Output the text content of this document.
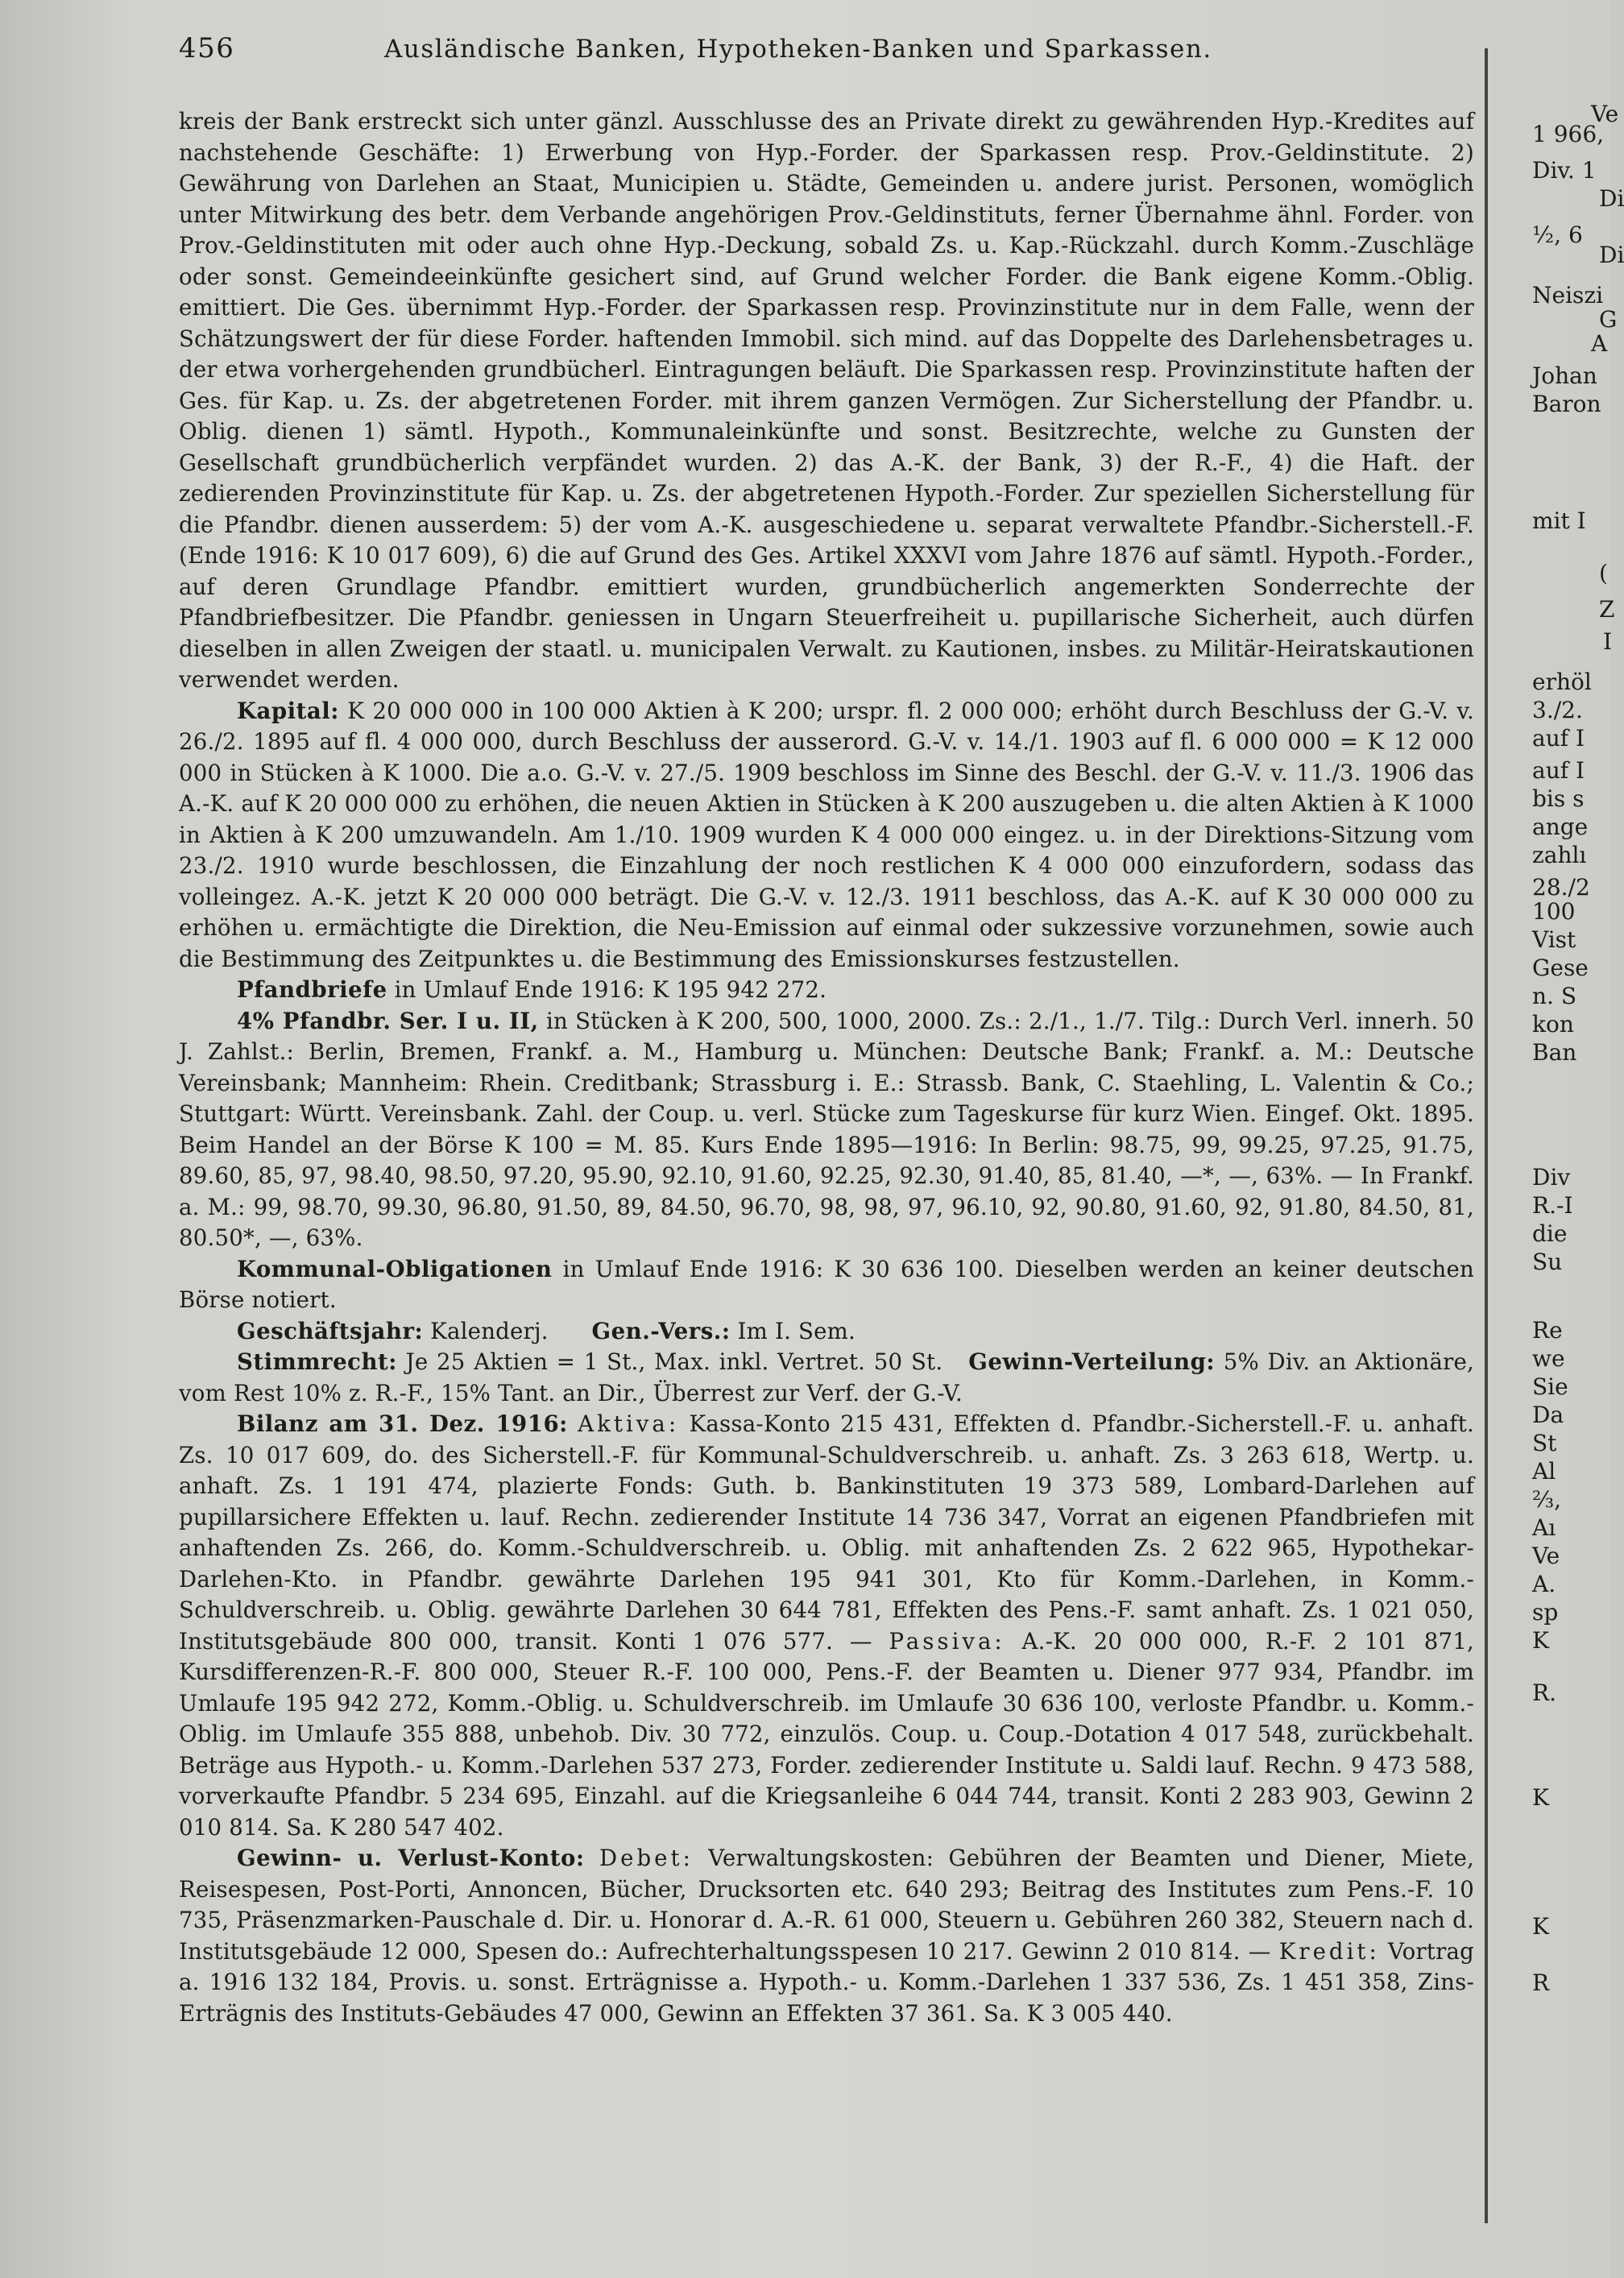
456	Ausländische Banken, Hypotheken-Banken und Sparkassen.

kreis der Bank erstreckt sich unter gänzl. Ausschlusse des an Private direkt zu gewährenden Hyp.-Kredites auf nachstehende Geschäfte: 1) Erwerbung von Hyp.-Forder. der Sparkassen resp. Prov.-Geldinstitute. 2) Gewährung von Darlehen an Staat, Municipien u. Städte, Gemeinden u. andere jurist. Personen, womöglich unter Mitwirkung des betr. dem Verbande angehörigen Prov.-Geldinstituts, ferner Übernahme ähnl. Forder. von Prov.-Geldinstituten mit oder auch ohne Hyp.-Deckung, sobald Zs. u. Kap.-Rückzahl. durch Komm.-Zuschläge oder sonst. Gemeindeeinkünfte gesichert sind, auf Grund welcher Forder. die Bank eigene Komm.-Oblig. emittiert. Die Ges. übernimmt Hyp.-Forder. der Sparkassen resp. Provinzinstitute nur in dem Falle, wenn der Schätzungswert der für diese Forder. haftenden Immobil. sich mind. auf das Doppelte des Darlehensbetrages u. der etwa vorhergehenden grundbücherl. Eintragungen beläuft. Die Sparkassen resp. Provinzinstitute haften der Ges. für Kap. u. Zs. der abgetretenen Forder. mit ihrem ganzen Vermögen. Zur Sicherstellung der Pfandbr. u. Oblig. dienen 1) sämtl. Hypoth., Kommunaleinkünfte und sonst. Besitzrechte, welche zu Gunsten der Gesellschaft grundbücherlich verpfändet wurden. 2) das A.-K. der Bank, 3) der R.-F., 4) die Haft. der zedierenden Provinzinstitute für Kap. u. Zs. der abgetretenen Hypoth.-Forder. Zur speziellen Sicherstellung für die Pfandbr. dienen ausserdem: 5) der vom A.-K. ausgeschiedene u. separat verwaltete Pfandbr.-Sicherstell.-F. (Ende 1916: K 10 017 609), 6) die auf Grund des Ges. Artikel XXXVI vom Jahre 1876 auf sämtl. Hypoth.-Forder., auf deren Grundlage Pfandbr. emittiert wurden, grundbücherlich angemerkten Sonderrechte der Pfandbriefbesitzer. Die Pfandbr. geniessen in Ungarn Steuerfreiheit u. pupillarische Sicherheit, auch dürfen dieselben in allen Zweigen der staatl. u. municipalen Verwalt. zu Kautionen, insbes. zu Militär-Heiratskautionen verwendet werden.

Kapital: K 20 000 000 in 100 000 Aktien à K 200; urspr. fl. 2 000 000; erhöht durch Beschluss der G.-V. v. 26./2. 1895 auf fl. 4 000 000, durch Beschluss der ausserord. G.-V. v. 14./1. 1903 auf fl. 6 000 000 = K 12 000 000 in Stücken à K 1000. Die a.o. G.-V. v. 27./5. 1909 beschloss im Sinne des Beschl. der G.-V. v. 11./3. 1906 das A.-K. auf K 20 000 000 zu erhöhen, die neuen Aktien in Stücken à K 200 auszugeben u. die alten Aktien à K 1000 in Aktien à K 200 umzuwandeln. Am 1./10. 1909 wurden K 4 000 000 eingez. u. in der Direktions-Sitzung vom 23./2. 1910 wurde beschlossen, die Einzahlung der noch restlichen K 4 000 000 einzufordern, sodass das volleingez. A.-K. jetzt K 20 000 000 beträgt. Die G.-V. v. 12./3. 1911 beschloss, das A.-K. auf K 30 000 000 zu erhöhen u. ermächtigte die Direktion, die Neu-Emission auf einmal oder sukzessive vorzunehmen, sowie auch die Bestimmung des Zeitpunktes u. die Bestimmung des Emissionskurses festzustellen.

Pfandbriefe in Umlauf Ende 1916: K 195 942 272.

4% Pfandbr. Ser. I u. II, in Stücken à K 200, 500, 1000, 2000. Zs.: 2./1., 1./7. Tilg.: Durch Verl. innerh. 50 J. Zahlst.: Berlin, Bremen, Frankf. a. M., Hamburg u. München: Deutsche Bank; Frankf. a. M.: Deutsche Vereinsbank; Mannheim: Rhein. Creditbank; Strassburg i. E.: Strassb. Bank, C. Staehling, L. Valentin & Co.; Stuttgart: Württ. Vereinsbank. Zahl. der Coup. u. verl. Stücke zum Tageskurse für kurz Wien. Eingef. Okt. 1895. Beim Handel an der Börse K 100 = M. 85. Kurs Ende 1895—1916: In Berlin: 98.75, 99, 99.25, 97.25, 91.75, 89.60, 85, 97, 98.40, 98.50, 97.20, 95.90, 92.10, 91.60, 92.25, 92.30, 91.40, 85, 81.40, —*, —, 63%. — In Frankf. a. M.: 99, 98.70, 99.30, 96.80, 91.50, 89, 84.50, 96.70, 98, 98, 97, 96.10, 92, 90.80, 91.60, 92, 91.80, 84.50, 81, 80.50*, —, 63%.

Kommunal-Obligationen in Umlauf Ende 1916: K 30 636 100. Dieselben werden an keiner deutschen Börse notiert.

Geschäftsjahr: Kalenderj. Gen.-Vers.: Im I. Sem.

Stimmrecht: Je 25 Aktien = 1 St., Max. inkl. Vertret. 50 St. Gewinn-Verteilung: 5% Div. an Aktionäre, vom Rest 10% z. R.-F., 15% Tant. an Dir., Überrest zur Verf. der G.-V.

Bilanz am 31. Dez. 1916: Aktiva: Kassa-Konto 215 431, Effekten d. Pfandbr.-Sicherstell.-F. u. anhaft. Zs. 10 017 609, do. des Sicherstell.-F. für Kommunal-Schuldverschreib. u. anhaft. Zs. 3 263 618, Wertp. u. anhaft. Zs. 1 191 474, plazierte Fonds: Guth. b. Bankinstituten 19 373 589, Lombard-Darlehen auf pupillarsichere Effekten u. lauf. Rechn. zedierender Institute 14 736 347, Vorrat an eigenen Pfandbriefen mit anhaftenden Zs. 266, do. Komm.-Schuldverschreib. u. Oblig. mit anhaftenden Zs. 2 622 965, Hypothekar-Darlehen-Kto. in Pfandbr. gewährte Darlehen 195 941 301, Kto für Komm.-Darlehen, in Komm.-Schuldverschreib. u. Oblig. gewährte Darlehen 30 644 781, Effekten des Pens.-F. samt anhaft. Zs. 1 021 050, Institutsgebäude 800 000, transit. Konti 1 076 577. — Passiva: A.-K. 20 000 000, R.-F. 2 101 871, Kursdifferenzen-R.-F. 800 000, Steuer R.-F. 100 000, Pens.-F. der Beamten u. Diener 977 934, Pfandbr. im Umlaufe 195 942 272, Komm.-Oblig. u. Schuldverschreib. im Umlaufe 30 636 100, verloste Pfandbr. u. Komm.-Oblig. im Umlaufe 355 888, unbehob. Div. 30 772, einzulös. Coup. u. Coup.-Dotation 4 017 548, zurückbehalt. Beträge aus Hypoth.- u. Komm.-Darlehen 537 273, Forder. zedierender Institute u. Saldi lauf. Rechn. 9 473 588, vorverkaufte Pfandbr. 5 234 695, Einzahl. auf die Kriegsanleihe 6 044 744, transit. Konti 2 283 903, Gewinn 2 010 814. Sa. K 280 547 402.

Gewinn- u. Verlust-Konto: Debet: Verwaltungskosten: Gebühren der Beamten und Diener, Miete, Reisespesen, Post-Porti, Annoncen, Bücher, Drucksorten etc. 640 293; Beitrag des Institutes zum Pens.-F. 10 735, Präsenzmarken-Pauschale d. Dir. u. Honorar d. A.-R. 61 000, Steuern u. Gebühren 260 382, Steuern nach d. Institutsgebäude 12 000, Spesen do.: Aufrechterhaltungsspesen 10 217. Gewinn 2 010 814. — Kredit: Vortrag a. 1916 132 184, Provis. u. sonst. Erträgnisse a. Hypoth.- u. Komm.-Darlehen 1 337 536, Zs. 1 451 358, Zins-Erträgnis des Instituts-Gebäudes 47 000, Gewinn an Effekten 37 361. Sa. K 3 005 440.

Ve
1 966,
Div. 1
Di
½, 6
Di
Neiszi
G
A
Johan
Baron
mit I
(
Z
I
erhöl
3./2.
auf I
auf I
bis s
ange
zahlı
28./2
100
Vist
Gese
n. S
kon
Ban
Div
R.-I
die
Su
Re
we
Sie
Da
St
Al
⅔,
Aı
Ve
A.
sp
K
R.
K
K
R
